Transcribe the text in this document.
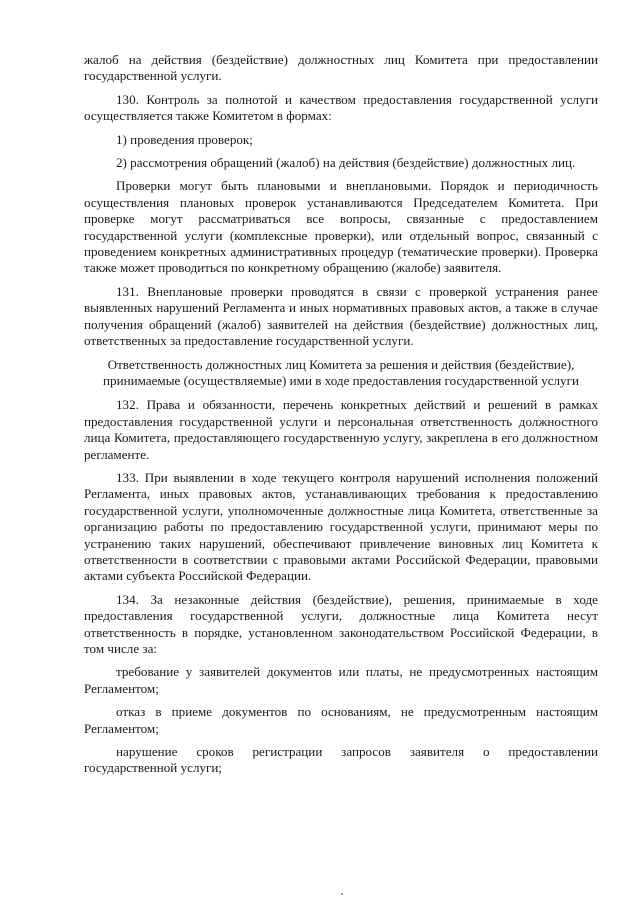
жалоб на действия (бездействие) должностных лиц Комитета при предоставлении государственной услуги.

130. Контроль за полнотой и качеством предоставления государственной услуги осуществляется также Комитетом в формах:

1) проведения проверок;

2) рассмотрения обращений (жалоб) на действия (бездействие) должностных лиц.

Проверки могут быть плановыми и внеплановыми. Порядок и периодичность осуществления плановых проверок устанавливаются Председателем Комитета. При проверке могут рассматриваться все вопросы, связанные с предоставлением государственной услуги (комплексные проверки), или отдельный вопрос, связанный с проведением конкретных административных процедур (тематические проверки). Проверка также может проводиться по конкретному обращению (жалобе) заявителя.

131. Внеплановые проверки проводятся в связи с проверкой устранения ранее выявленных нарушений Регламента и иных нормативных правовых актов, а также в случае получения обращений (жалоб) заявителей на действия (бездействие) должностных лиц, ответственных за предоставление государственной услуги.

Ответственность должностных лиц Комитета за решения и действия (бездействие), принимаемые (осуществляемые) ими в ходе предоставления государственной услуги

132. Права и обязанности, перечень конкретных действий и решений в рамках предоставления государственной услуги и персональная ответственность должностного лица Комитета, предоставляющего государственную услугу, закреплена в его должностном регламенте.

133. При выявлении в ходе текущего контроля нарушений исполнения положений Регламента, иных правовых актов, устанавливающих требования к предоставлению государственной услуги, уполномоченные должностные лица Комитета, ответственные за организацию работы по предоставлению государственной услуги, принимают меры по устранению таких нарушений, обеспечивают привлечение виновных лиц Комитета к ответственности в соответствии с правовыми актами Российской Федерации, правовыми актами субъекта Российской Федерации.

134. За незаконные действия (бездействие), решения, принимаемые в ходе предоставления государственной услуги, должностные лица Комитета несут ответственность в порядке, установленном законодательством Российской Федерации, в том числе за:

требование у заявителей документов или платы, не предусмотренных настоящим Регламентом;

отказ в приеме документов по основаниям, не предусмотренным настоящим Регламентом;

нарушение сроков регистрации запросов заявителя о предоставлении государственной услуги;
